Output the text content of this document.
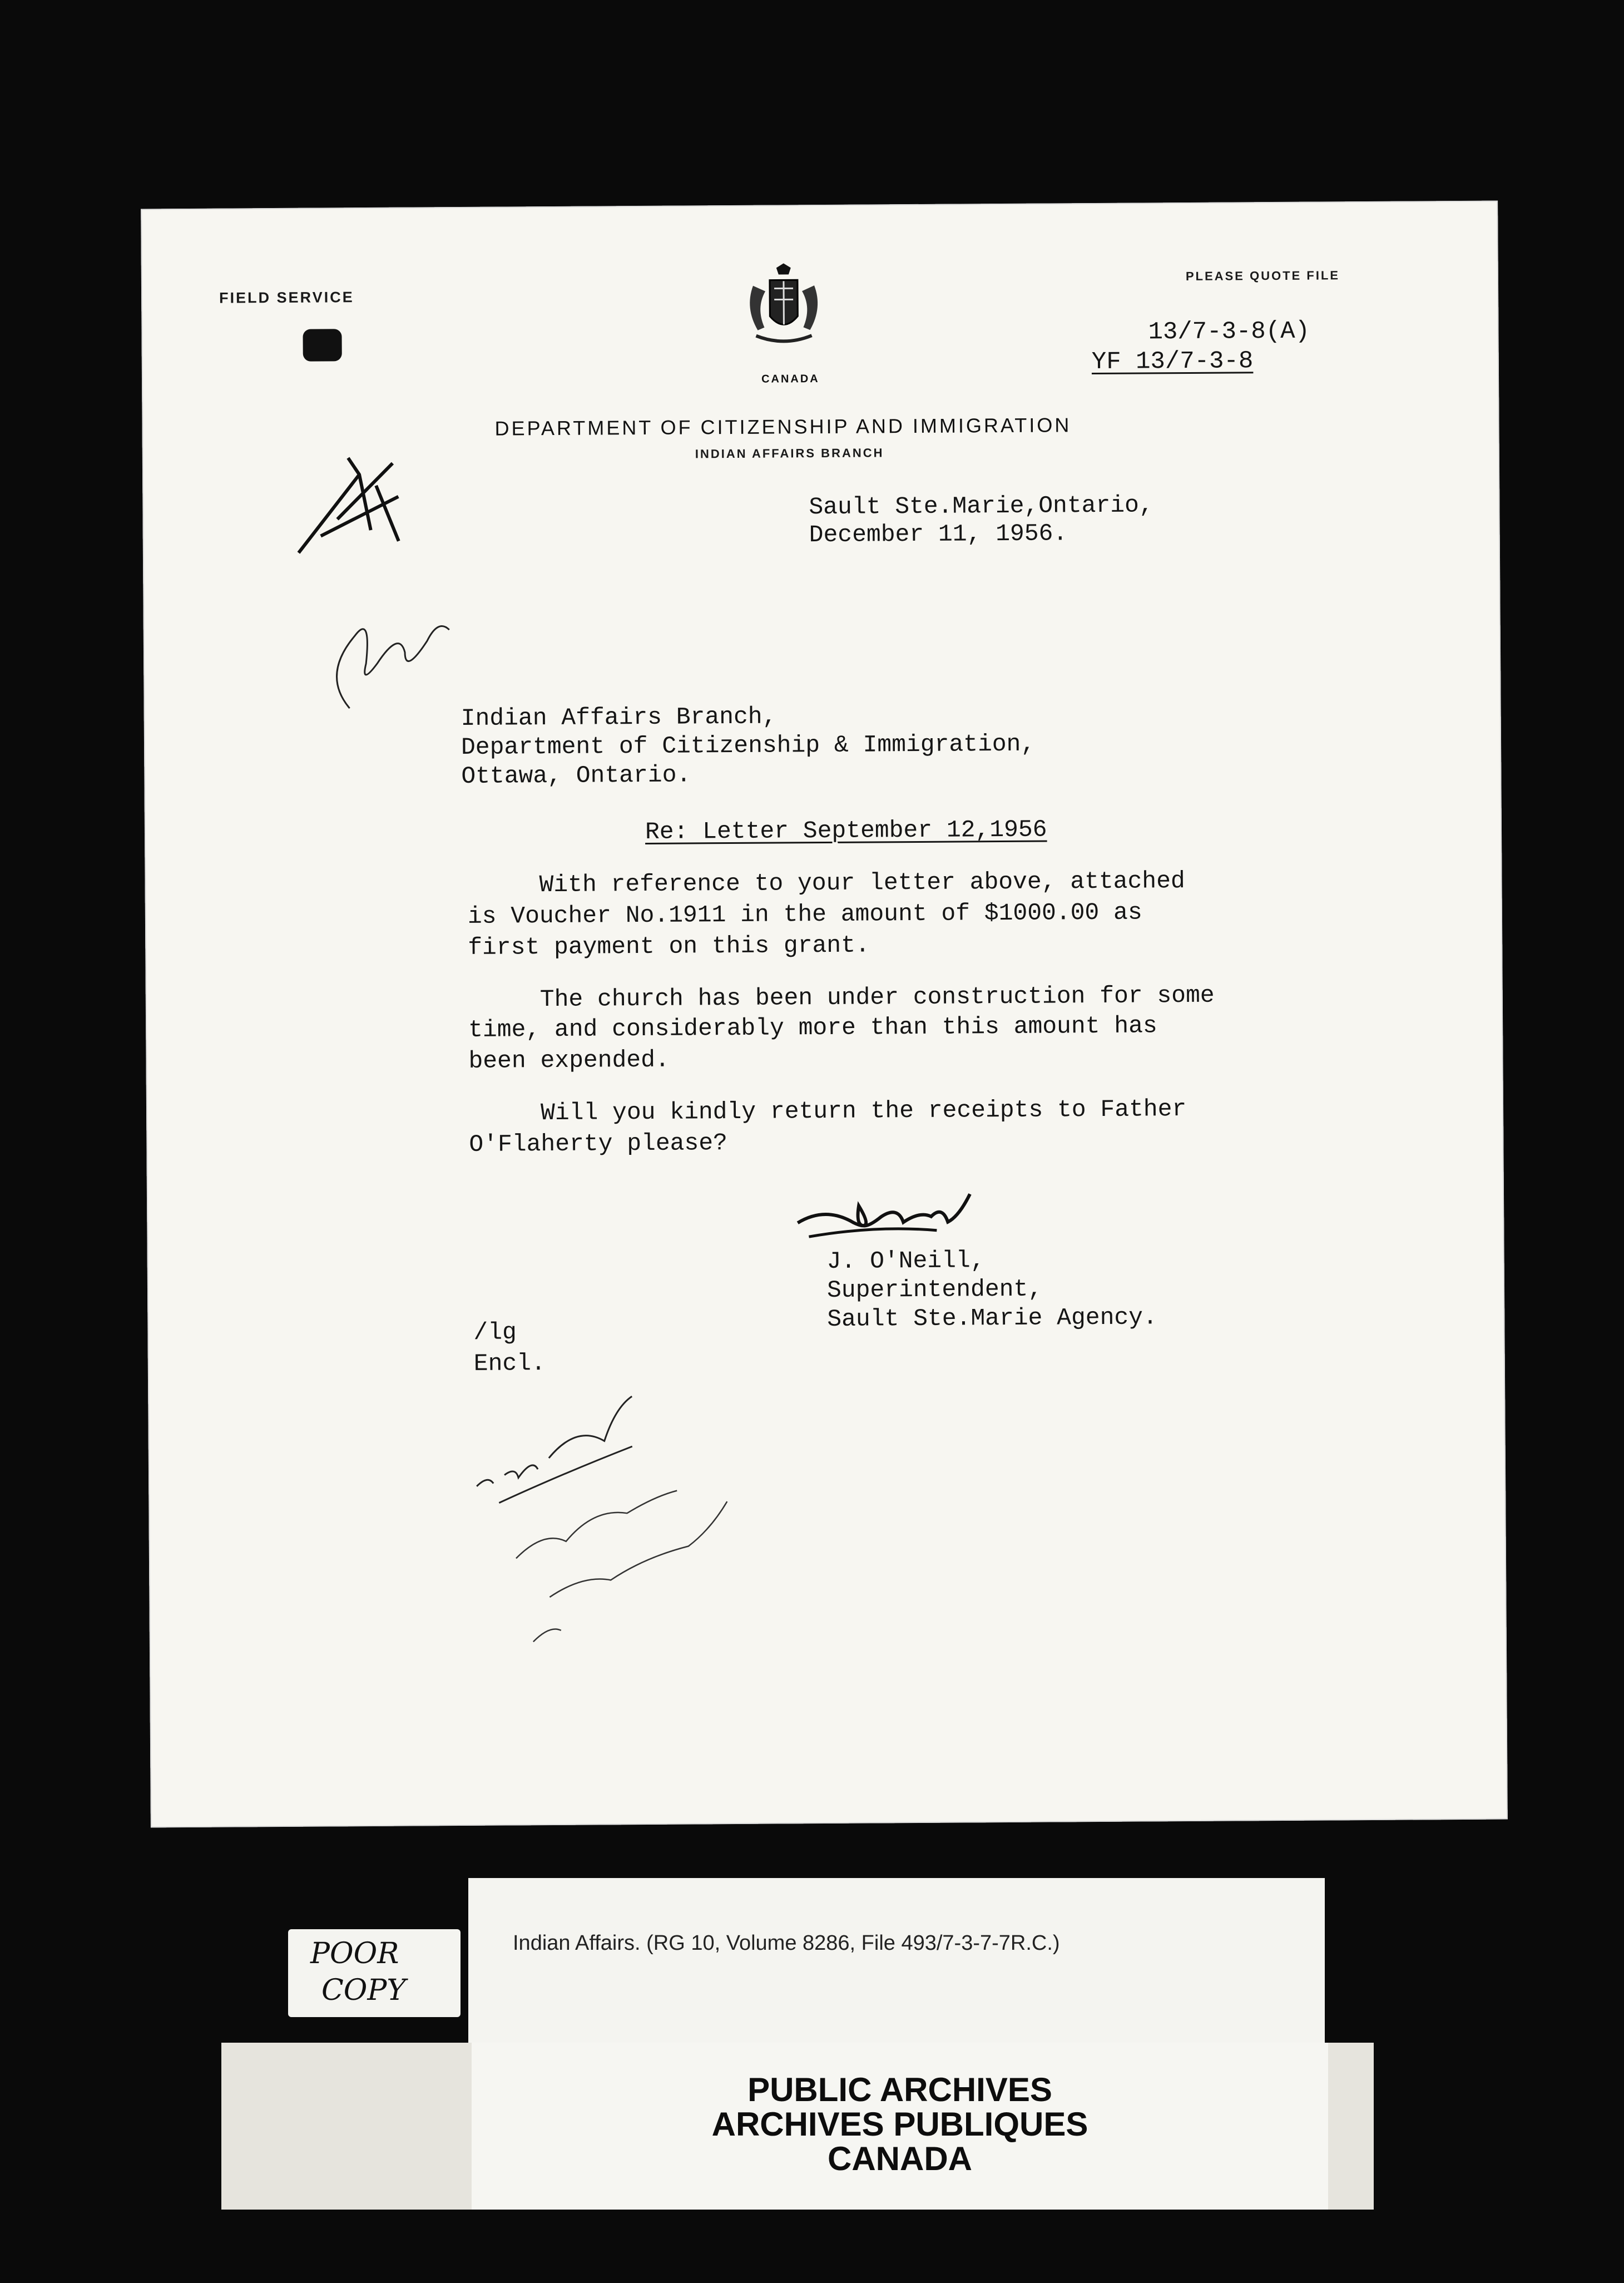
FIELD SERVICE
PLEASE QUOTE FILE
13/7-3-8(A)
YF 13/7-3-8
CANADA
DEPARTMENT OF CITIZENSHIP AND IMMIGRATION
INDIAN AFFAIRS BRANCH
Sault Ste.Marie,Ontario,
December 11, 1956.
Indian Affairs Branch,
Department of Citizenship & Immigration,
Ottawa, Ontario.
Re: Letter September 12,1956
With reference to your letter above, attached
is Voucher No.1911 in the amount of $1000.00 as
first payment on this grant.
The church has been under construction for some
time, and considerably more than this amount has
been expended.
Will you kindly return the receipts to Father
O'Flaherty please?
J. O'Neill,
Superintendent,
Sault Ste.Marie Agency.
/lg
Encl.
Indian Affairs. (RG 10, Volume 8286, File 493/7-3-7-7R.C.)
POOR
COPY
PUBLIC ARCHIVES
ARCHIVES PUBLIQUES
CANADA
